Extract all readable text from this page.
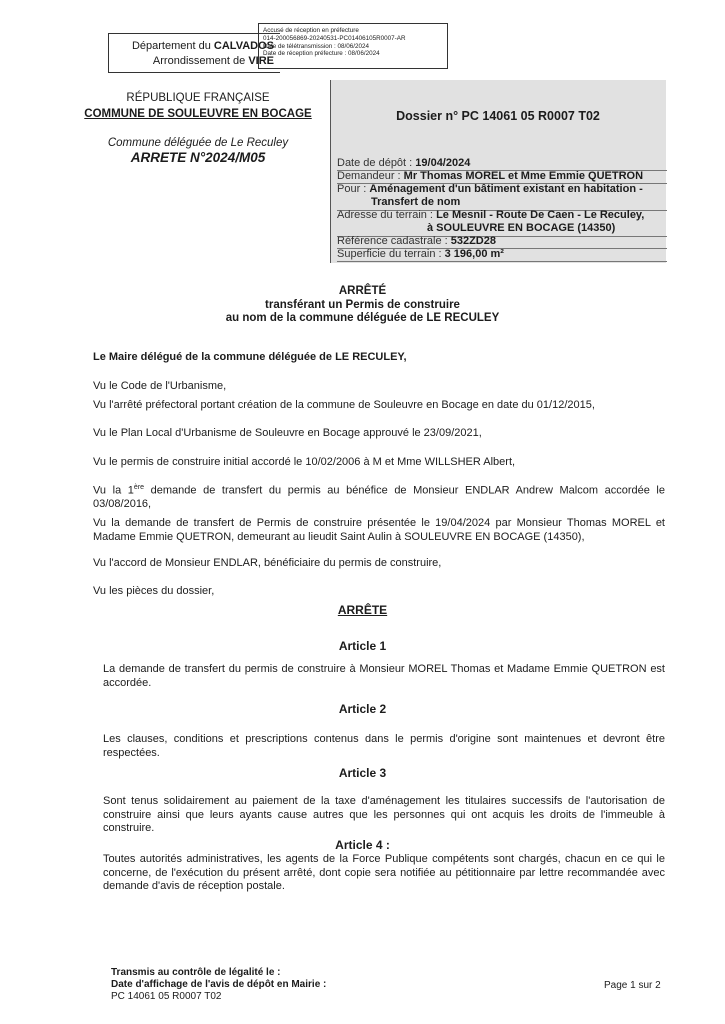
Département du CALVADOS
Arrondissement de VIRE
Accusé de réception en préfecture
014-200056869-20240531-PC01406105R0007-AR
Date de télétransmission : 08/06/2024
Date de réception préfecture : 08/06/2024
RÉPUBLIQUE FRANÇAISE
COMMUNE DE SOULEUVRE EN BOCAGE
Commune déléguée de Le Reculey
ARRETE N°2024/M05
Dossier n° PC 14061 05 R0007 T02
Date de dépôt : 19/04/2024
Demandeur : Mr Thomas MOREL et Mme Emmie QUETRON
Pour : Aménagement d'un bâtiment existant en habitation -
Transfert de nom
Adresse du terrain : Le Mesnil - Route De Caen - Le Reculey,
à SOULEUVRE EN BOCAGE (14350)
Référence cadastrale : 532ZD28
Superficie du terrain : 3 196,00 m²
ARRÊTÉ
transférant un Permis de construire
au nom de la commune déléguée de LE RECULEY
Le Maire délégué de la commune déléguée de LE RECULEY,
Vu le Code de l'Urbanisme,
Vu l'arrêté préfectoral portant création de la commune de Souleuvre en Bocage en date du 01/12/2015,
Vu le Plan Local d'Urbanisme de Souleuvre en Bocage approuvé le 23/09/2021,
Vu le permis de construire initial accordé le 10/02/2006 à M et Mme WILLSHER Albert,
Vu la 1ère demande de transfert du permis au bénéfice de Monsieur ENDLAR Andrew Malcom accordée le 03/08/2016,
Vu la demande de transfert de Permis de construire présentée le 19/04/2024 par Monsieur Thomas MOREL et Madame Emmie QUETRON, demeurant au lieudit Saint Aulin à SOULEUVRE EN BOCAGE (14350),
Vu l'accord de Monsieur ENDLAR, bénéficiaire du permis de construire,
Vu les pièces du dossier,
ARRÊTE
Article 1
La demande de transfert du permis de construire à Monsieur MOREL Thomas et Madame Emmie QUETRON est accordée.
Article 2
Les clauses, conditions et prescriptions contenus dans le permis d'origine sont maintenues et devront être respectées.
Article 3
Sont tenus solidairement au paiement de la taxe d'aménagement les titulaires successifs de l'autorisation de construire ainsi que leurs ayants cause autres que les personnes qui ont acquis les droits de l'immeuble à construire.
Article 4 :
Toutes autorités administratives, les agents de la Force Publique compétents sont chargés, chacun en ce qui le concerne, de l'exécution du présent arrêté, dont copie sera notifiée au pétitionnaire par lettre recommandée avec demande d'avis de réception postale.
Transmis au contrôle de légalité le :
Date d'affichage de l'avis de dépôt en Mairie :
PC 14061 05 R0007 T02
Page 1 sur 2
